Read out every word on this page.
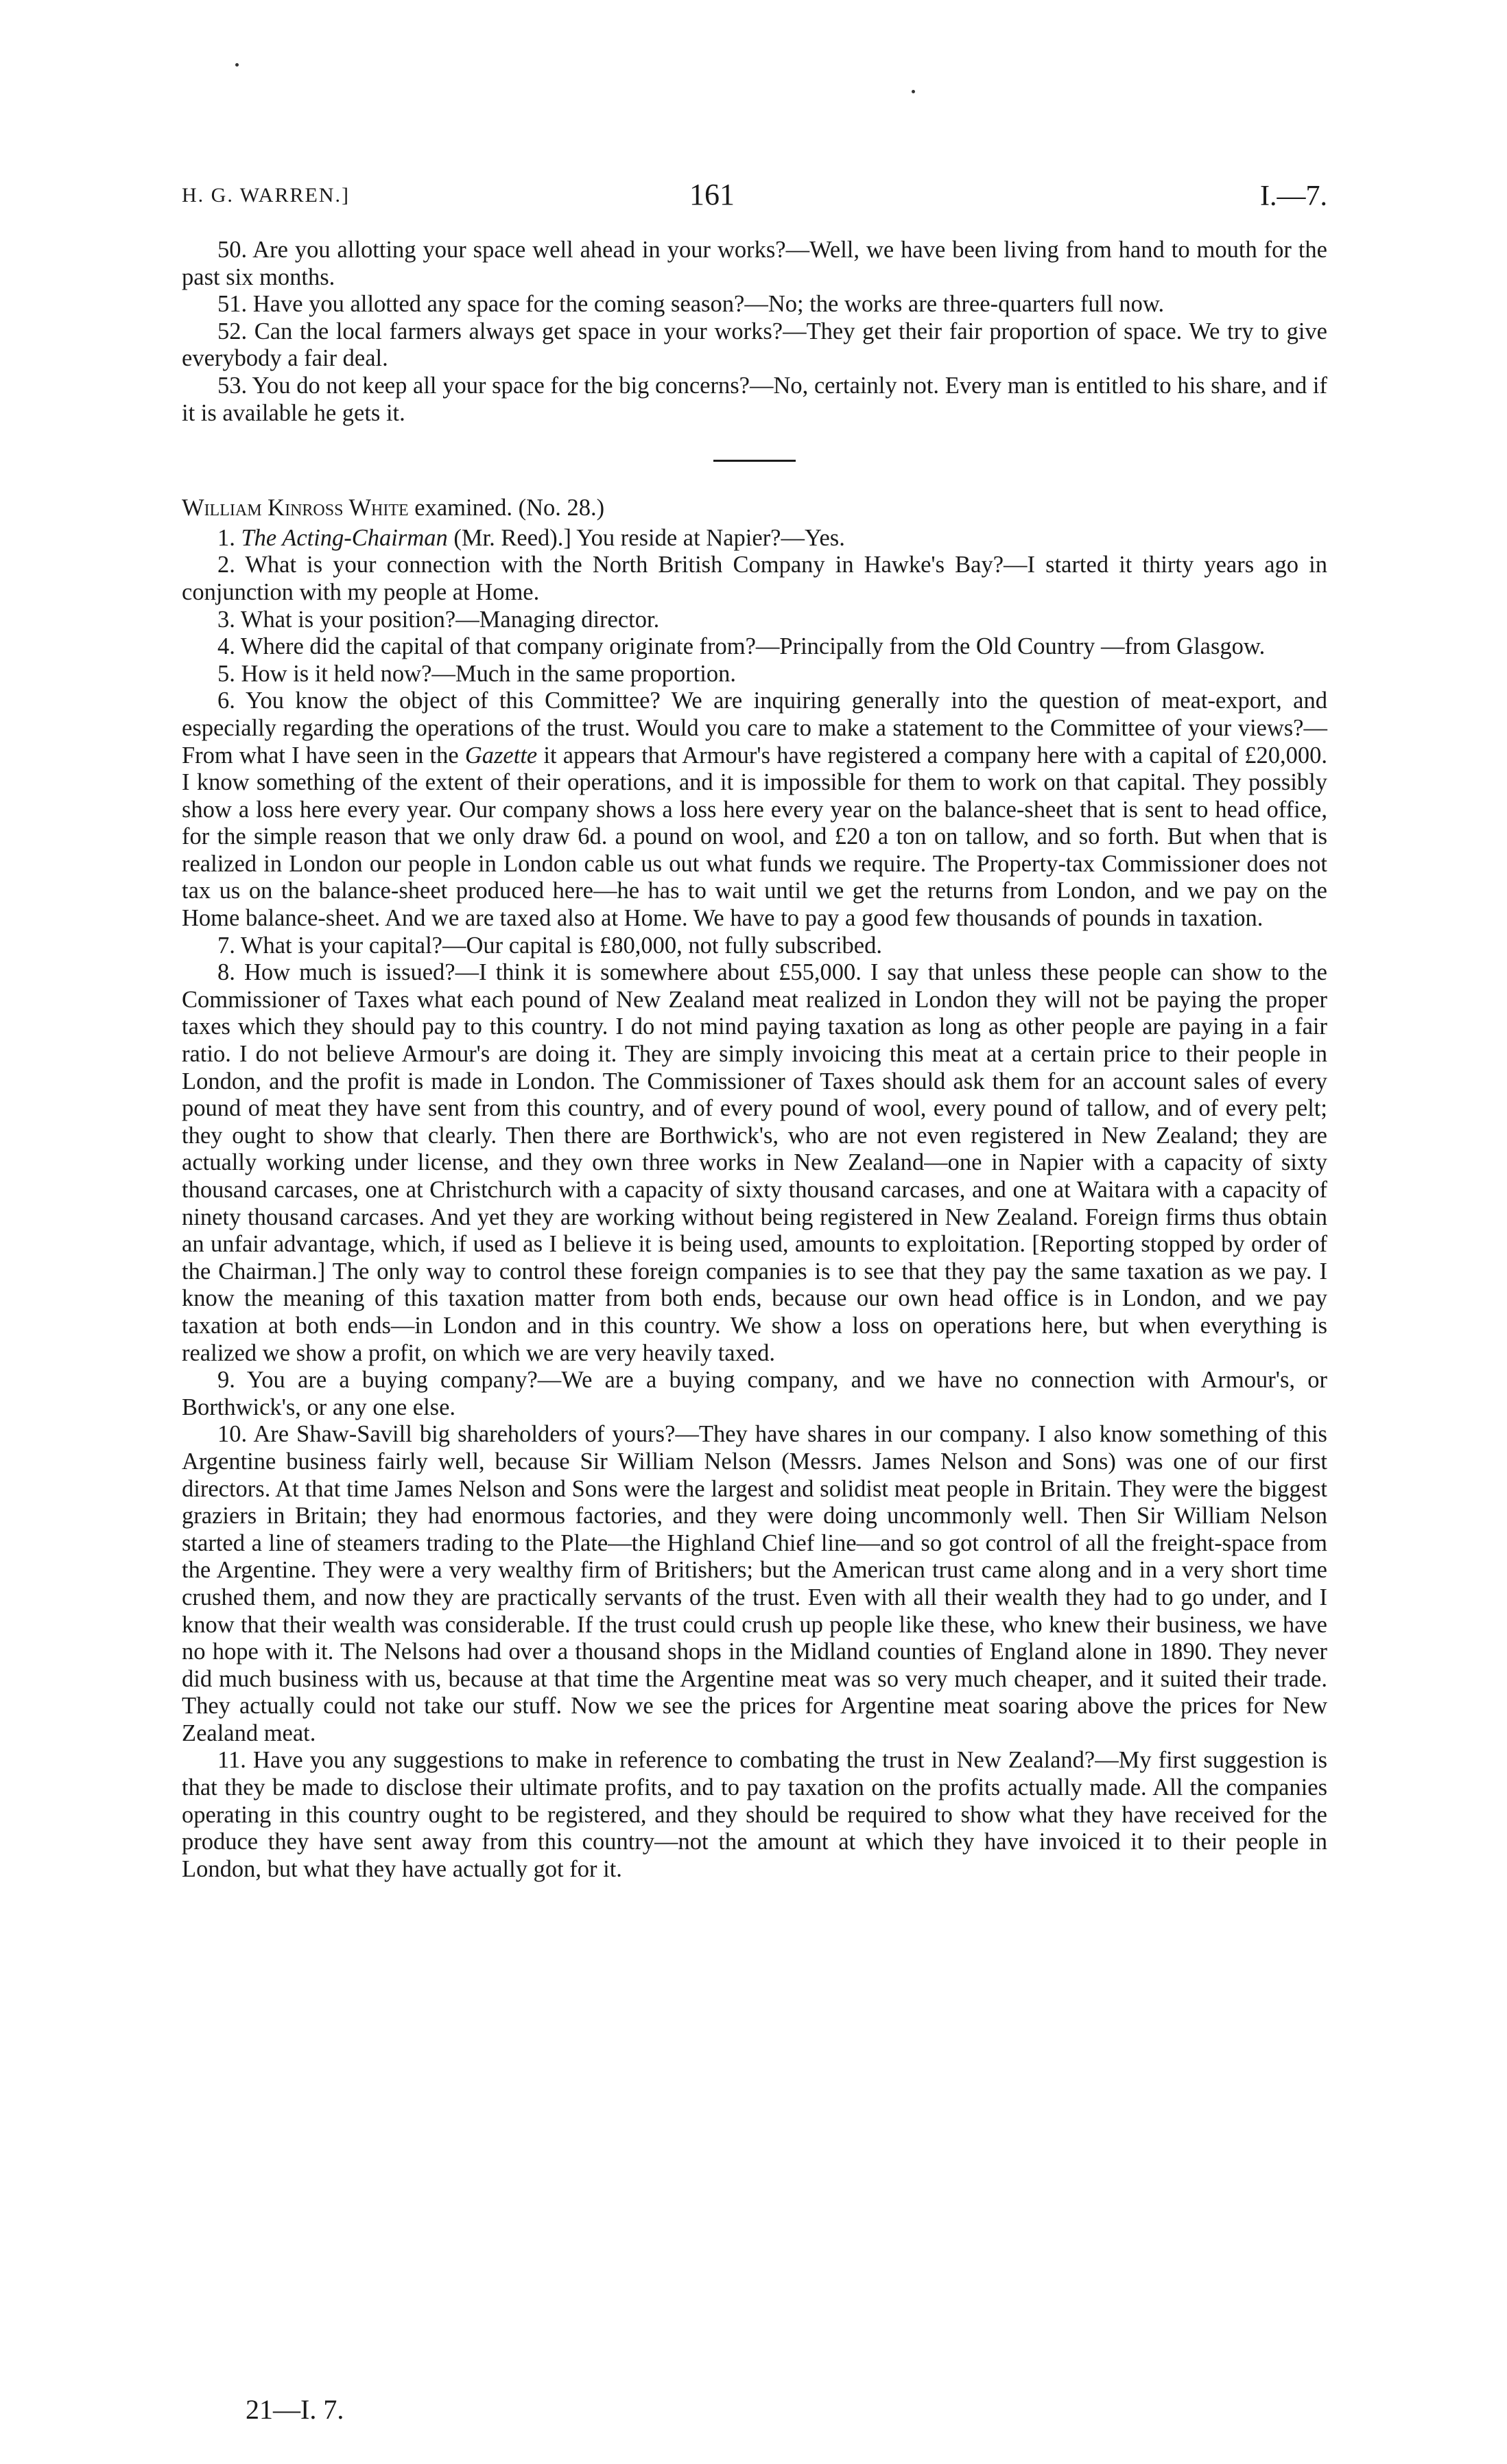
H. G. WARREN.]	161	I.—7.

50. Are you allotting your space well ahead in your works?—Well, we have been living from hand to mouth for the past six months.

51. Have you allotted any space for the coming season?—No; the works are three-quarters full now.

52. Can the local farmers always get space in your works?—They get their fair proportion of space. We try to give everybody a fair deal.

53. You do not keep all your space for the big concerns?—No, certainly not. Every man is entitled to his share, and if it is available he gets it.

William Kinross White examined. (No. 28.)

1. The Acting-Chairman (Mr. Reed).] You reside at Napier?—Yes.

2. What is your connection with the North British Company in Hawke's Bay?—I started it thirty years ago in conjunction with my people at Home.

3. What is your position?—Managing director.

4. Where did the capital of that company originate from?—Principally from the Old Country —from Glasgow.

5. How is it held now?—Much in the same proportion.

6. You know the object of this Committee? We are inquiring generally into the question of meat-export, and especially regarding the operations of the trust. Would you care to make a statement to the Committee of your views?—From what I have seen in the Gazette it appears that Armour's have registered a company here with a capital of £20,000. I know something of the extent of their operations, and it is impossible for them to work on that capital. They possibly show a loss here every year. Our company shows a loss here every year on the balance-sheet that is sent to head office, for the simple reason that we only draw 6d. a pound on wool, and £20 a ton on tallow, and so forth. But when that is realized in London our people in London cable us out what funds we require. The Property-tax Commissioner does not tax us on the balance-sheet produced here—he has to wait until we get the returns from London, and we pay on the Home balance-sheet. And we are taxed also at Home. We have to pay a good few thousands of pounds in taxation.

7. What is your capital?—Our capital is £80,000, not fully subscribed.

8. How much is issued?—I think it is somewhere about £55,000. I say that unless these people can show to the Commissioner of Taxes what each pound of New Zealand meat realized in London they will not be paying the proper taxes which they should pay to this country. I do not mind paying taxation as long as other people are paying in a fair ratio. I do not believe Armour's are doing it. They are simply invoicing this meat at a certain price to their people in London, and the profit is made in London. The Commissioner of Taxes should ask them for an account sales of every pound of meat they have sent from this country, and of every pound of wool, every pound of tallow, and of every pelt; they ought to show that clearly. Then there are Borthwick's, who are not even registered in New Zealand; they are actually working under license, and they own three works in New Zealand—one in Napier with a capacity of sixty thousand carcases, one at Christchurch with a capacity of sixty thousand carcases, and one at Waitara with a capacity of ninety thousand carcases. And yet they are working without being registered in New Zealand. Foreign firms thus obtain an unfair advantage, which, if used as I believe it is being used, amounts to exploitation. [Reporting stopped by order of the Chairman.] The only way to control these foreign companies is to see that they pay the same taxation as we pay. I know the meaning of this taxation matter from both ends, because our own head office is in London, and we pay taxation at both ends—in London and in this country. We show a loss on operations here, but when everything is realized we show a profit, on which we are very heavily taxed.

9. You are a buying company?—We are a buying company, and we have no connection with Armour's, or Borthwick's, or any one else.

10. Are Shaw-Savill big shareholders of yours?—They have shares in our company. I also know something of this Argentine business fairly well, because Sir William Nelson (Messrs. James Nelson and Sons) was one of our first directors. At that time James Nelson and Sons were the largest and solidist meat people in Britain. They were the biggest graziers in Britain; they had enormous factories, and they were doing uncommonly well. Then Sir William Nelson started a line of steamers trading to the Plate—the Highland Chief line—and so got control of all the freight-space from the Argentine. They were a very wealthy firm of Britishers; but the American trust came along and in a very short time crushed them, and now they are practically servants of the trust. Even with all their wealth they had to go under, and I know that their wealth was considerable. If the trust could crush up people like these, who knew their business, we have no hope with it. The Nelsons had over a thousand shops in the Midland counties of England alone in 1890. They never did much business with us, because at that time the Argentine meat was so very much cheaper, and it suited their trade. They actually could not take our stuff. Now we see the prices for Argentine meat soaring above the prices for New Zealand meat.

11. Have you any suggestions to make in reference to combating the trust in New Zealand?—My first suggestion is that they be made to disclose their ultimate profits, and to pay taxation on the profits actually made. All the companies operating in this country ought to be registered, and they should be required to show what they have received for the produce they have sent away from this country—not the amount at which they have invoiced it to their people in London, but what they have actually got for it.

21—I. 7.
